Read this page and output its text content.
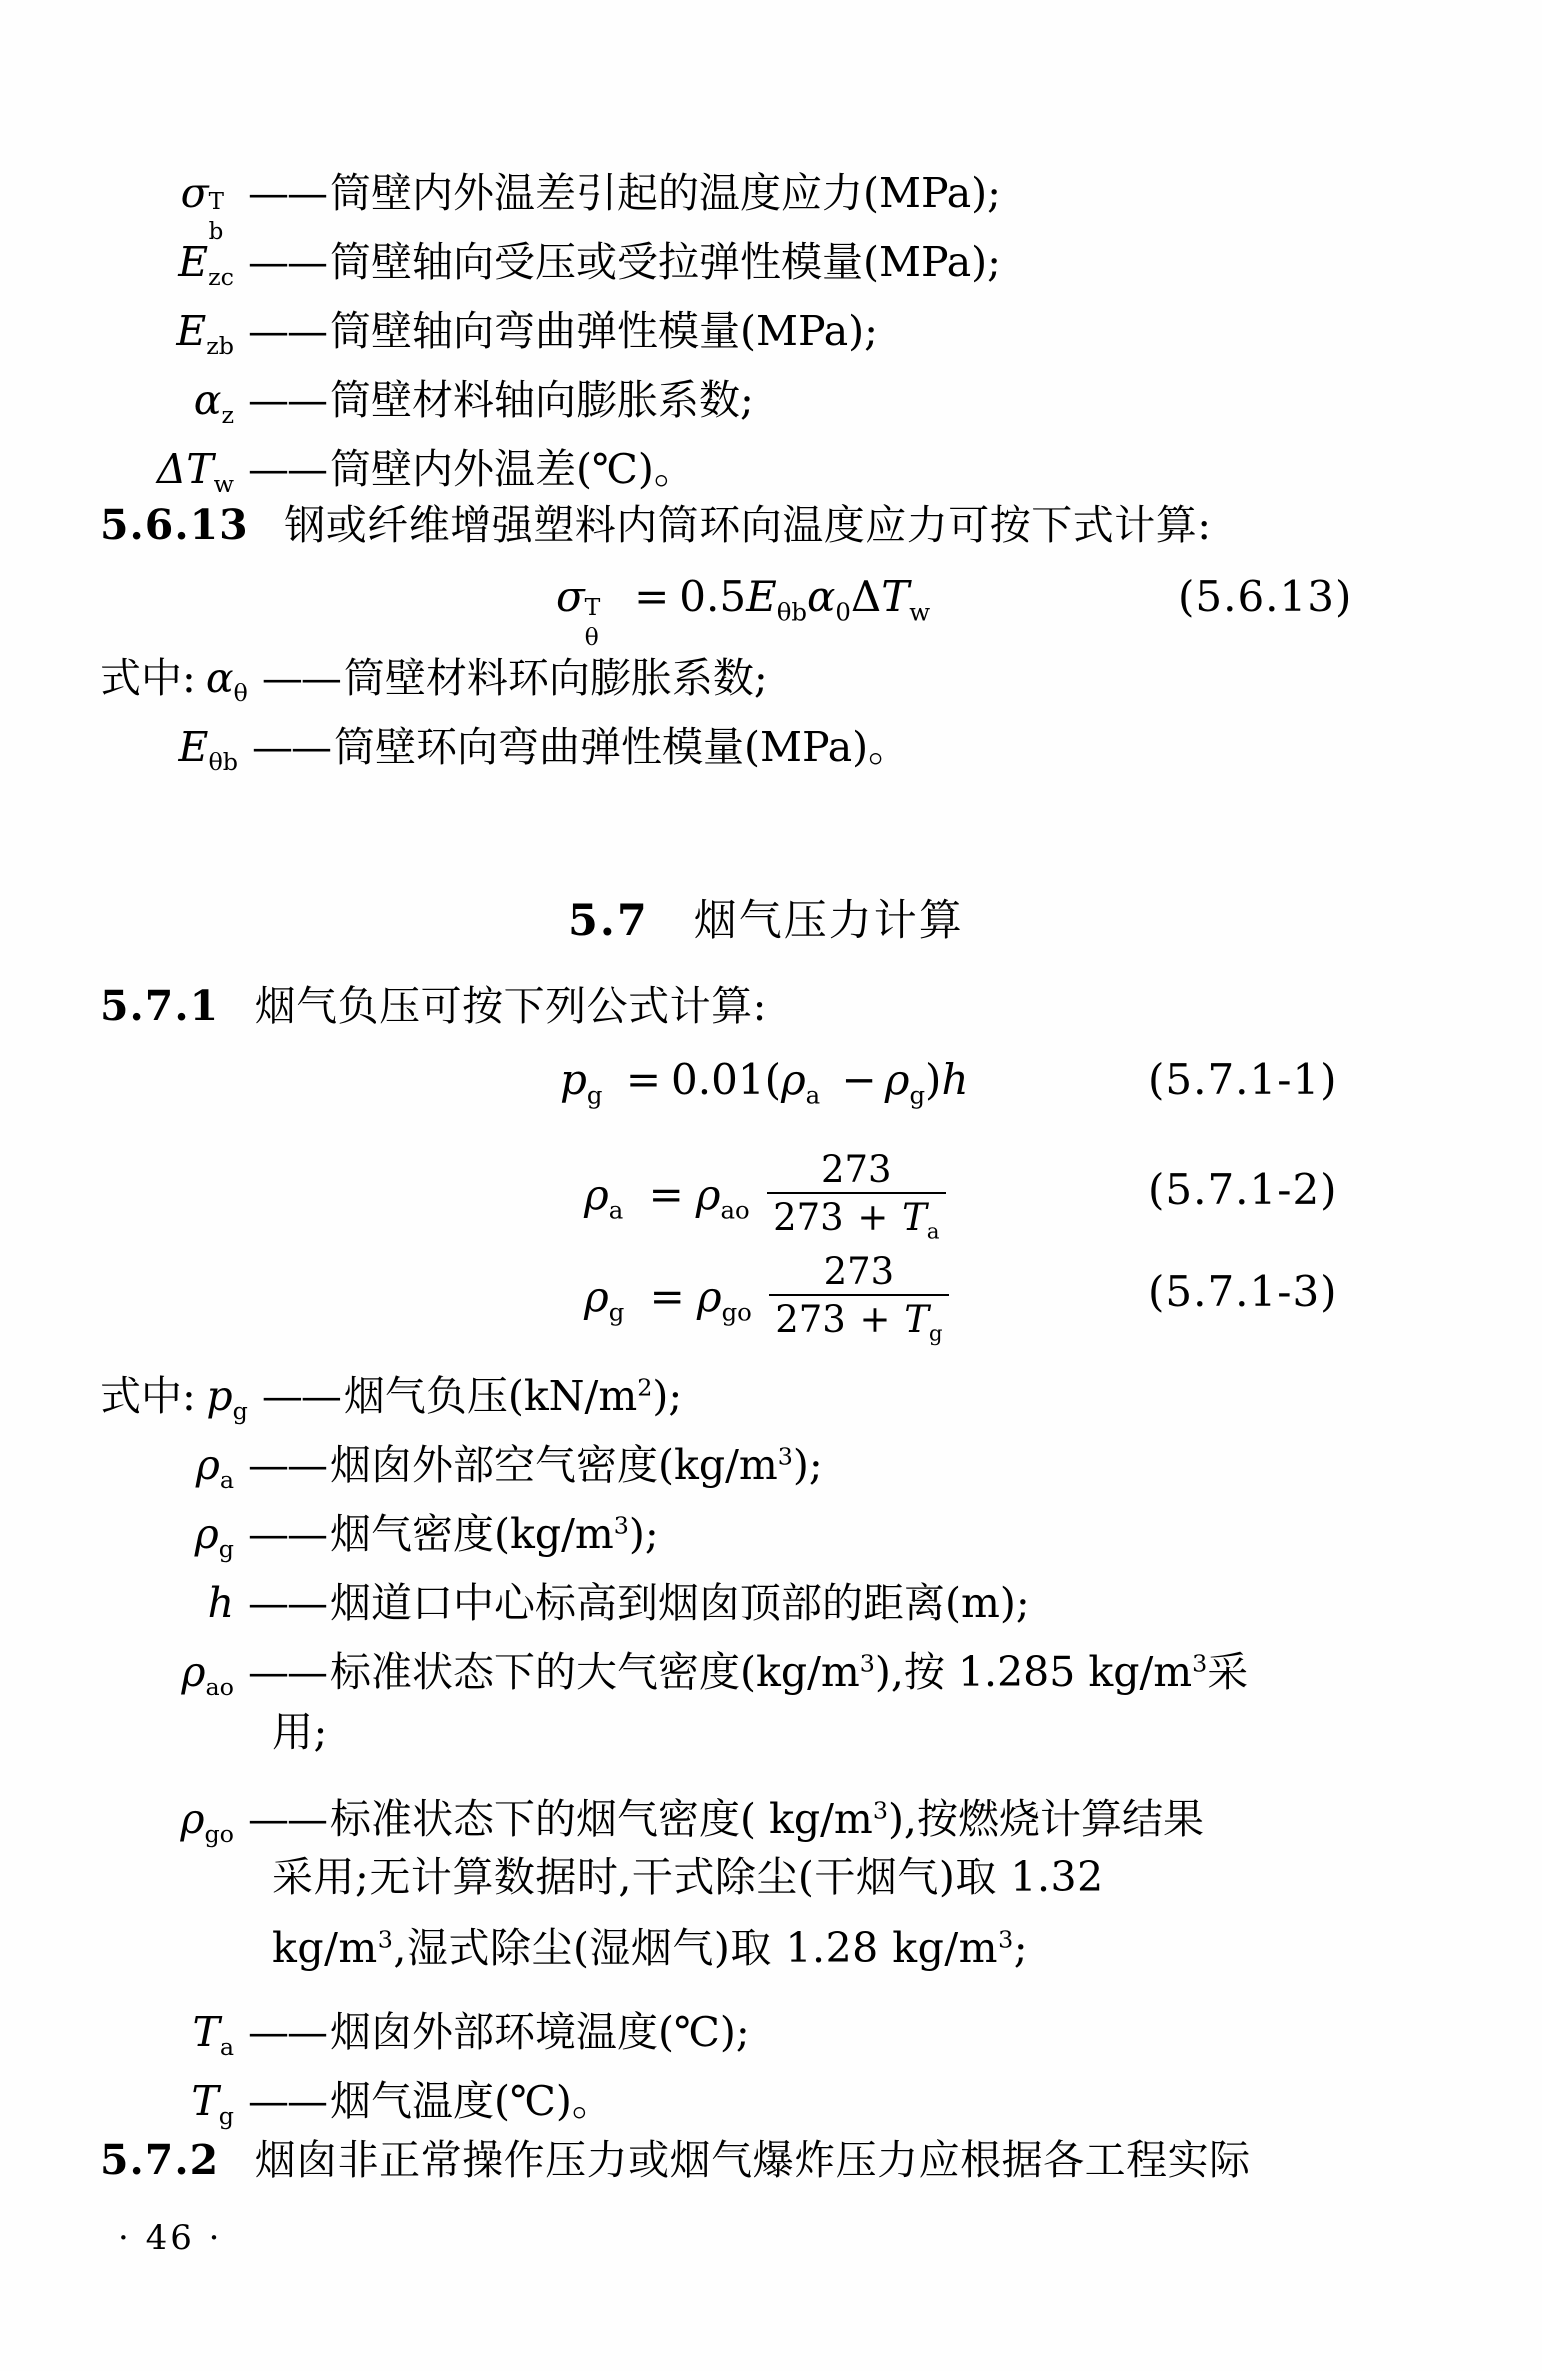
σ T
b
—— 筒壁内外温差引起的温度应力(MPa);
$E_{zc}$ —— 筒壁轴向受压或受拉弹性模量(MPa);
$E_{zb}$ —— 筒壁轴向弯曲弹性模量(MPa);
$\alpha_z$ —— 筒壁材料轴向膨胀系数;
$\Delta T_w$ —— 筒壁内外温差(℃)。
5.6.13 钢或纤维增强塑料内筒环向温度应力可按下式计算:
σ T
θ
= $0.5E_{\theta b}\alpha_0\Delta T_w$	(5.6.13)
式中: $\alpha_\theta$ —— 筒壁材料环向膨胀系数;
$E_{\theta b}$ —— 筒壁环向弯曲弹性模量(MPa)。
5.7 烟气压力计算
5.7.1 烟气负压可按下列公式计算:
$p_g = 0.01(\rho_a - \rho_g)h$	(5.7.1-1)
$\rho_a = \rho_{ao} \frac{273}{273 + T_a}$	(5.7.1-2)
$\rho_g = \rho_{go} \frac{273}{273 + T_g}$	(5.7.1-3)
式中: $p_g$ —— 烟气负压$(kN/m^2)$;
$\rho_a$ —— 烟囱外部空气密度$(kg/m^3)$;
$\rho_g$ —— 烟气密度$(kg/m^3)$;
h —— 烟道口中心标高到烟囱顶部的距离(m);
$\rho_{ao}$ —— 标准状态下的大气密度$(kg/m^3)$,按 1.285 $kg/m^3$采
用;
$\rho_{go}$ —— 标准状态下的烟气密度( $kg/m^3$),按燃烧计算结果
采用;无计算数据时,干式除尘(干烟气)取 1.32
$kg/m^3$,湿式除尘(湿烟气)取 1.28 $kg/m^3$;
$T_a$ —— 烟囱外部环境温度(℃);
$T_g$ —— 烟气温度(℃)。
5.7.2 烟囱非正常操作压力或烟气爆炸压力应根据各工程实际
· 46 ·
